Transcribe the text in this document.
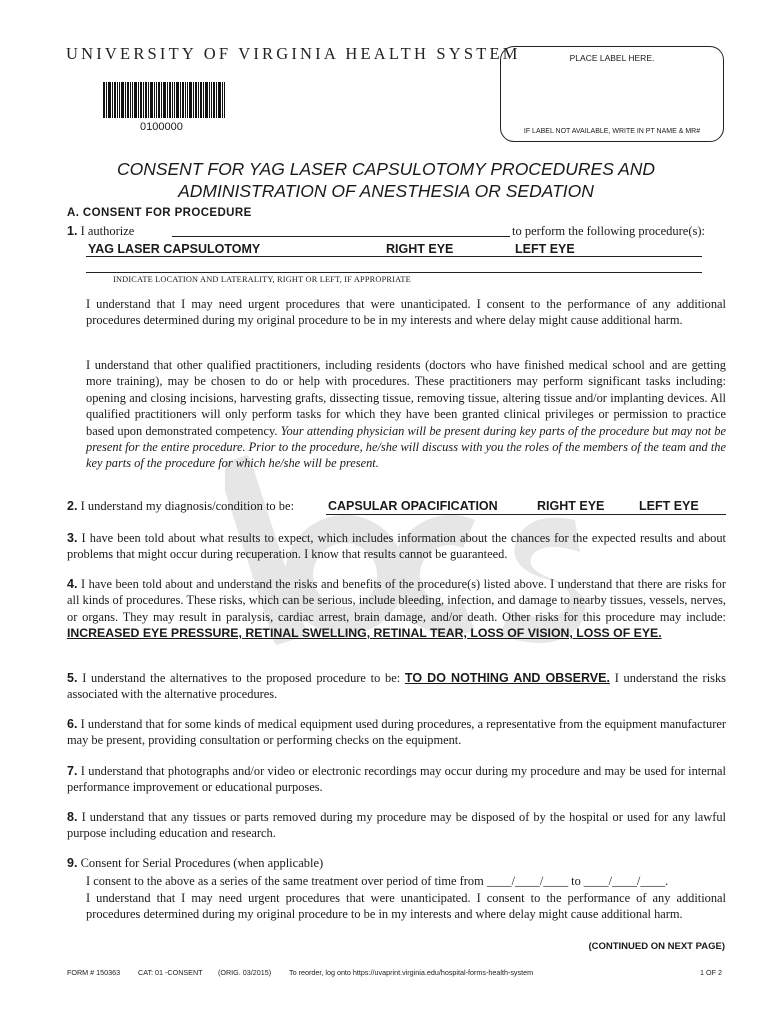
UNIVERSITY OF VIRGINIA HEALTH SYSTEM	PLACE LABEL HERE.
IF LABEL NOT AVAILABLE, WRITE IN PT NAME & MR#
0100000
CONSENT FOR YAG LASER CAPSULOTOMY PROCEDURES AND
ADMINISTRATION OF ANESTHESIA OR SEDATION
A. CONSENT FOR PROCEDURE
1. I authorize	to perform the following procedure(s):
YAG LASER CAPSULOTOMY	RIGHT EYE	LEFT EYE
INDICATE LOCATION AND LATERALITY, RIGHT OR LEFT, IF APPROPRIATE
I understand that I may need urgent procedures that were unanticipated. I consent to the performance of any additional procedures determined during my original procedure to be in my interests and where delay might cause additional harm.
I understand that other qualified practitioners, including residents (doctors who have finished medical school and are getting more training), may be chosen to do or help with procedures. These practitioners may perform significant tasks including: opening and closing incisions, harvesting grafts, dissecting tissue, removing tissue, altering tissue and/or implanting devices. All qualified practitioners will only perform tasks for which they have been granted clinical privileges or permission to practice based upon demonstrated competency. Your attending physician will be present during key parts of the procedure but may not be present for the entire procedure. Prior to the procedure, he/she will discuss with you the roles of the members of the team and the key parts of the procedure for which he/she will be present.
2. I understand my diagnosis/condition to be:	CAPSULAR OPACIFICATION	RIGHT EYE	LEFT EYE
3. I have been told about what results to expect, which includes information about the chances for the expected results and about problems that might occur during recuperation. I know that results cannot be guaranteed.
4. I have been told about and understand the risks and benefits of the procedure(s) listed above. I understand that there are risks for all kinds of procedures. These risks, which can be serious, include bleeding, infection, and damage to nearby tissues, vessels, nerves, or organs. They may result in paralysis, cardiac arrest, brain damage, and/or death. Other risks for this procedure may include: INCREASED EYE PRESSURE, RETINAL SWELLING, RETINAL TEAR, LOSS OF VISION, LOSS OF EYE.
5. I understand the alternatives to the proposed procedure to be: TO DO NOTHING AND OBSERVE. I understand the risks associated with the alternative procedures.
6. I understand that for some kinds of medical equipment used during procedures, a representative from the equipment manufacturer may be present, providing consultation or performing checks on the equipment.
7. I understand that photographs and/or video or electronic recordings may occur during my procedure and may be used for internal performance improvement or educational purposes.
8. I understand that any tissues or parts removed during my procedure may be disposed of by the hospital or used for any lawful purpose including education and research.
9. Consent for Serial Procedures (when applicable)
I consent to the above as a series of the same treatment over period of time from ____/____/____ to ____/____/____.
I understand that I may need urgent procedures that were unanticipated. I consent to the performance of any additional procedures determined during my original procedure to be in my interests and where delay might cause additional harm.
(CONTINUED ON NEXT PAGE)
FORM # 150363 CAT: 01 -CONSENT (ORIG. 03/2015) To reorder, log onto https://uvaprint.virginia.edu/hospital-forms-health-system	1 OF 2
